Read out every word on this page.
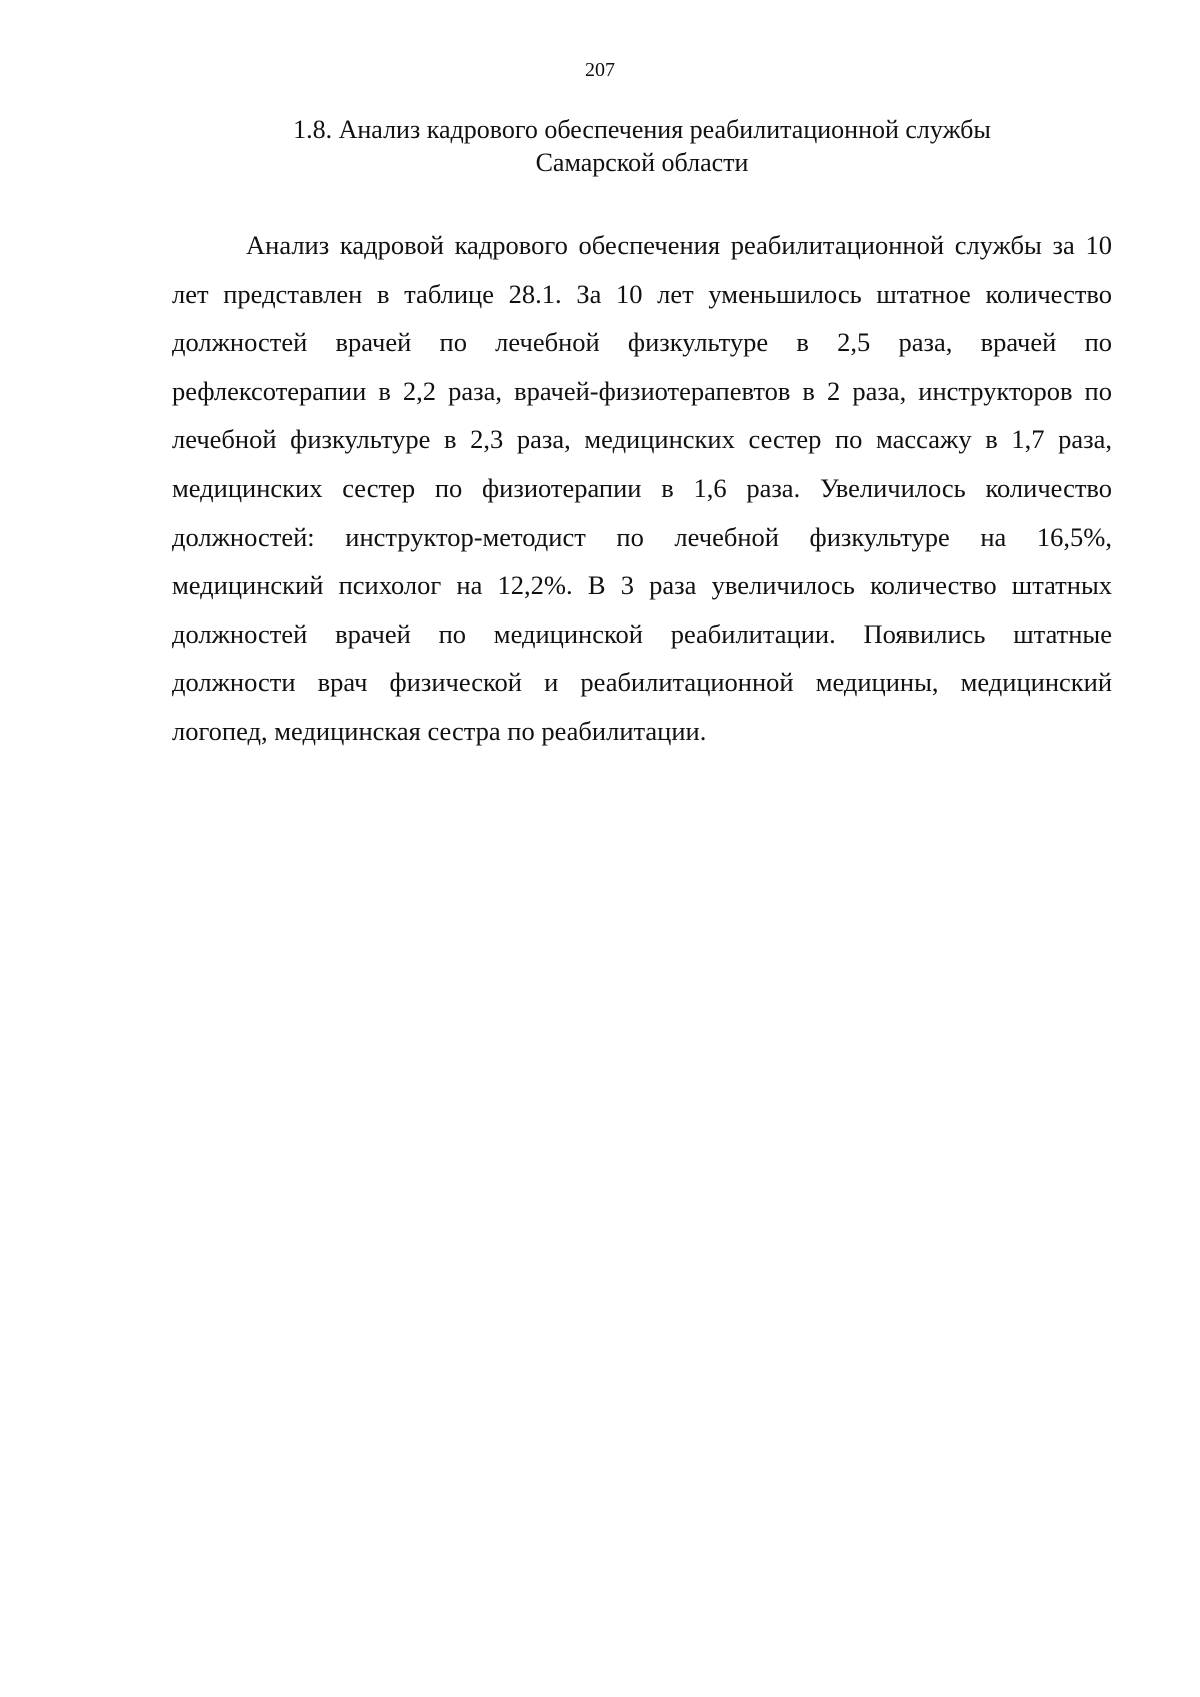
207
1.8. Анализ кадрового обеспечения реабилитационной службы
Самарской области

Анализ кадровой кадрового обеспечения реабилитационной службы за 10 лет представлен в таблице 28.1. За 10 лет уменьшилось штатное количество должностей врачей по лечебной физкультуре в 2,5 раза, врачей по рефлексотерапии в 2,2 раза, врачей-физиотерапевтов в 2 раза, инструкторов по лечебной физкультуре в 2,3 раза, медицинских сестер по массажу в 1,7 раза, медицинских сестер по физиотерапии в 1,6 раза. Увеличилось количество должностей: инструктор-методист по лечебной физкультуре на 16,5%, медицинский психолог на 12,2%. В 3 раза увеличилось количество штатных должностей врачей по медицинской реабилитации. Появились штатные должности врач физической и реабилитационной медицины, медицинский логопед, медицинская сестра по реабилитации.
